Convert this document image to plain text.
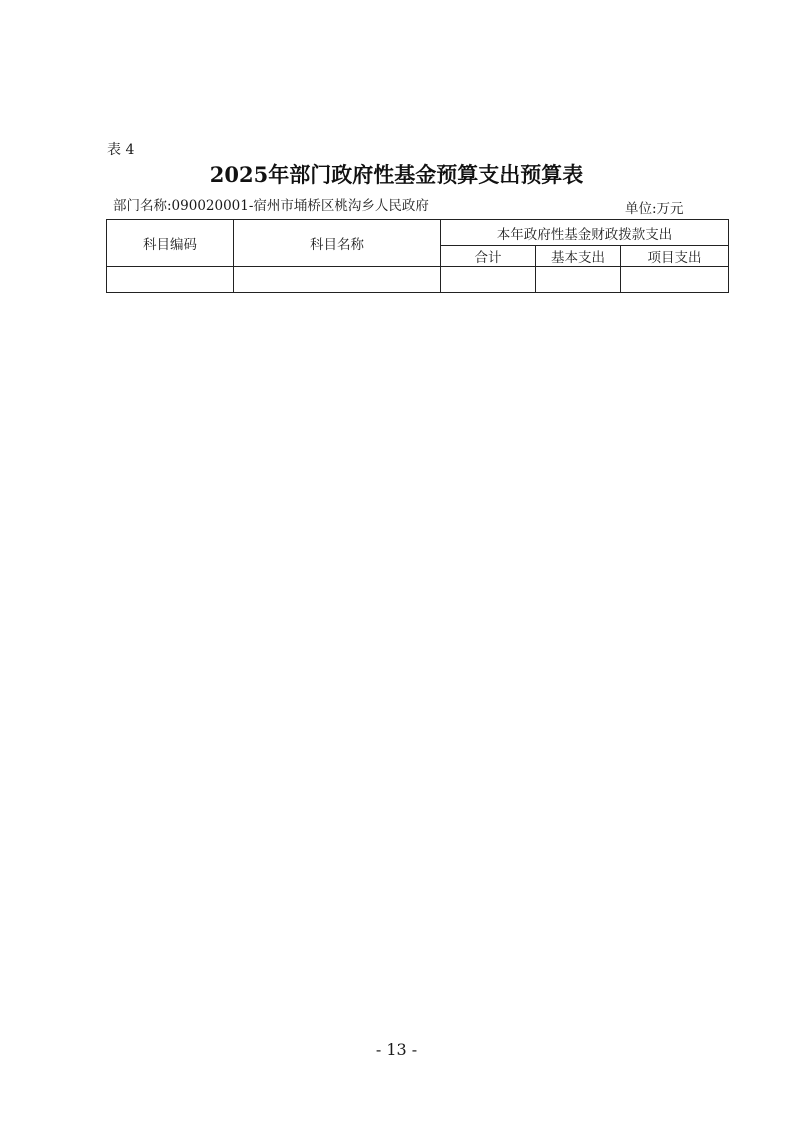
表 4
2025年部门政府性基金预算支出预算表
部门名称:090020001-宿州市埇桥区桃沟乡人民政府	单位:万元
科目编码	科目名称	本年政府性基金财政拨款支出		
		合计	基本支出	项目支出

- 13 -
